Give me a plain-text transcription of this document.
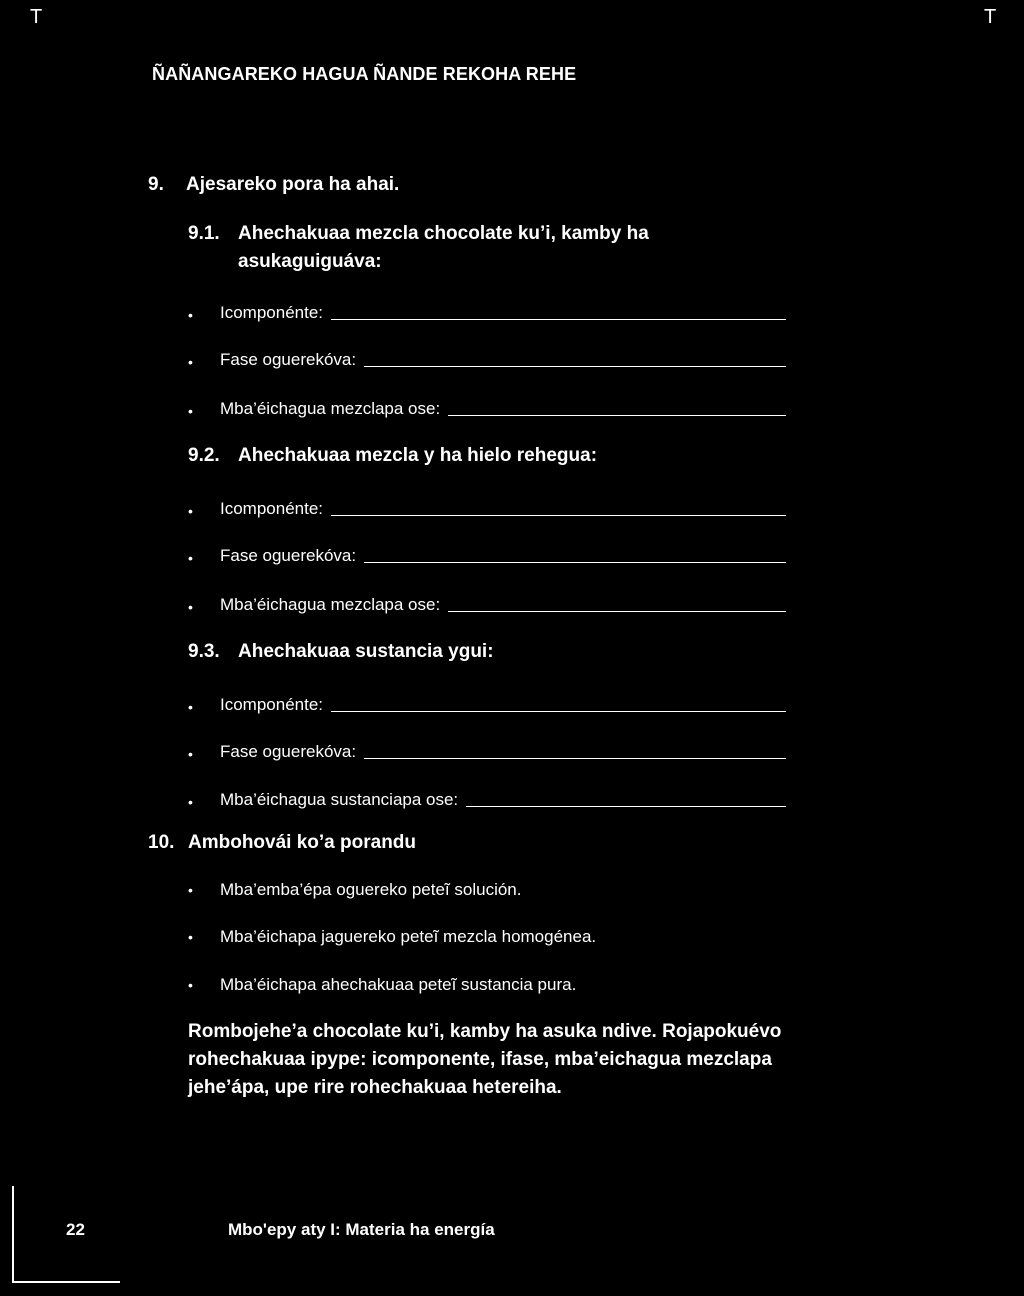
T	T
ÑAÑANGAREKO HAGUA ÑANDE REKOHA REHE
9. Ajesareko pora ha ahai.
9.1. Ahechakuaa mezcla chocolate ku’i, kamby ha
asukaguiguáva:
•	Icomponénte:
•	Fase oguerekóva:
•	Mba’éichagua mezclapa ose:
9.2. Ahechakuaa mezcla y ha hielo rehegua:
•	Icomponénte:
•	Fase oguerekóva:
•	Mba’éichagua mezclapa ose:
9.3. Ahechakuaa sustancia ygui:
•	Icomponénte:
•	Fase oguerekóva:
•	Mba’éichagua sustanciapa ose:
10. Ambohovái ko’a porandu
• Mba’emba’épa oguereko peteĩ solución.
• Mba’éichapa jaguereko peteĩ mezcla homogénea.
• Mba’éichapa ahechakuaa peteĩ sustancia pura.
Rombojehe’a chocolate ku’i, kamby ha asuka ndive. Rojapokuévo rohechakuaa ipype: icomponente, ifase, mba’eichagua mezclapa jehe’ápa, upe rire rohechakuaa hetereiha.
22	Mbo'epy aty I: Materia ha energía
